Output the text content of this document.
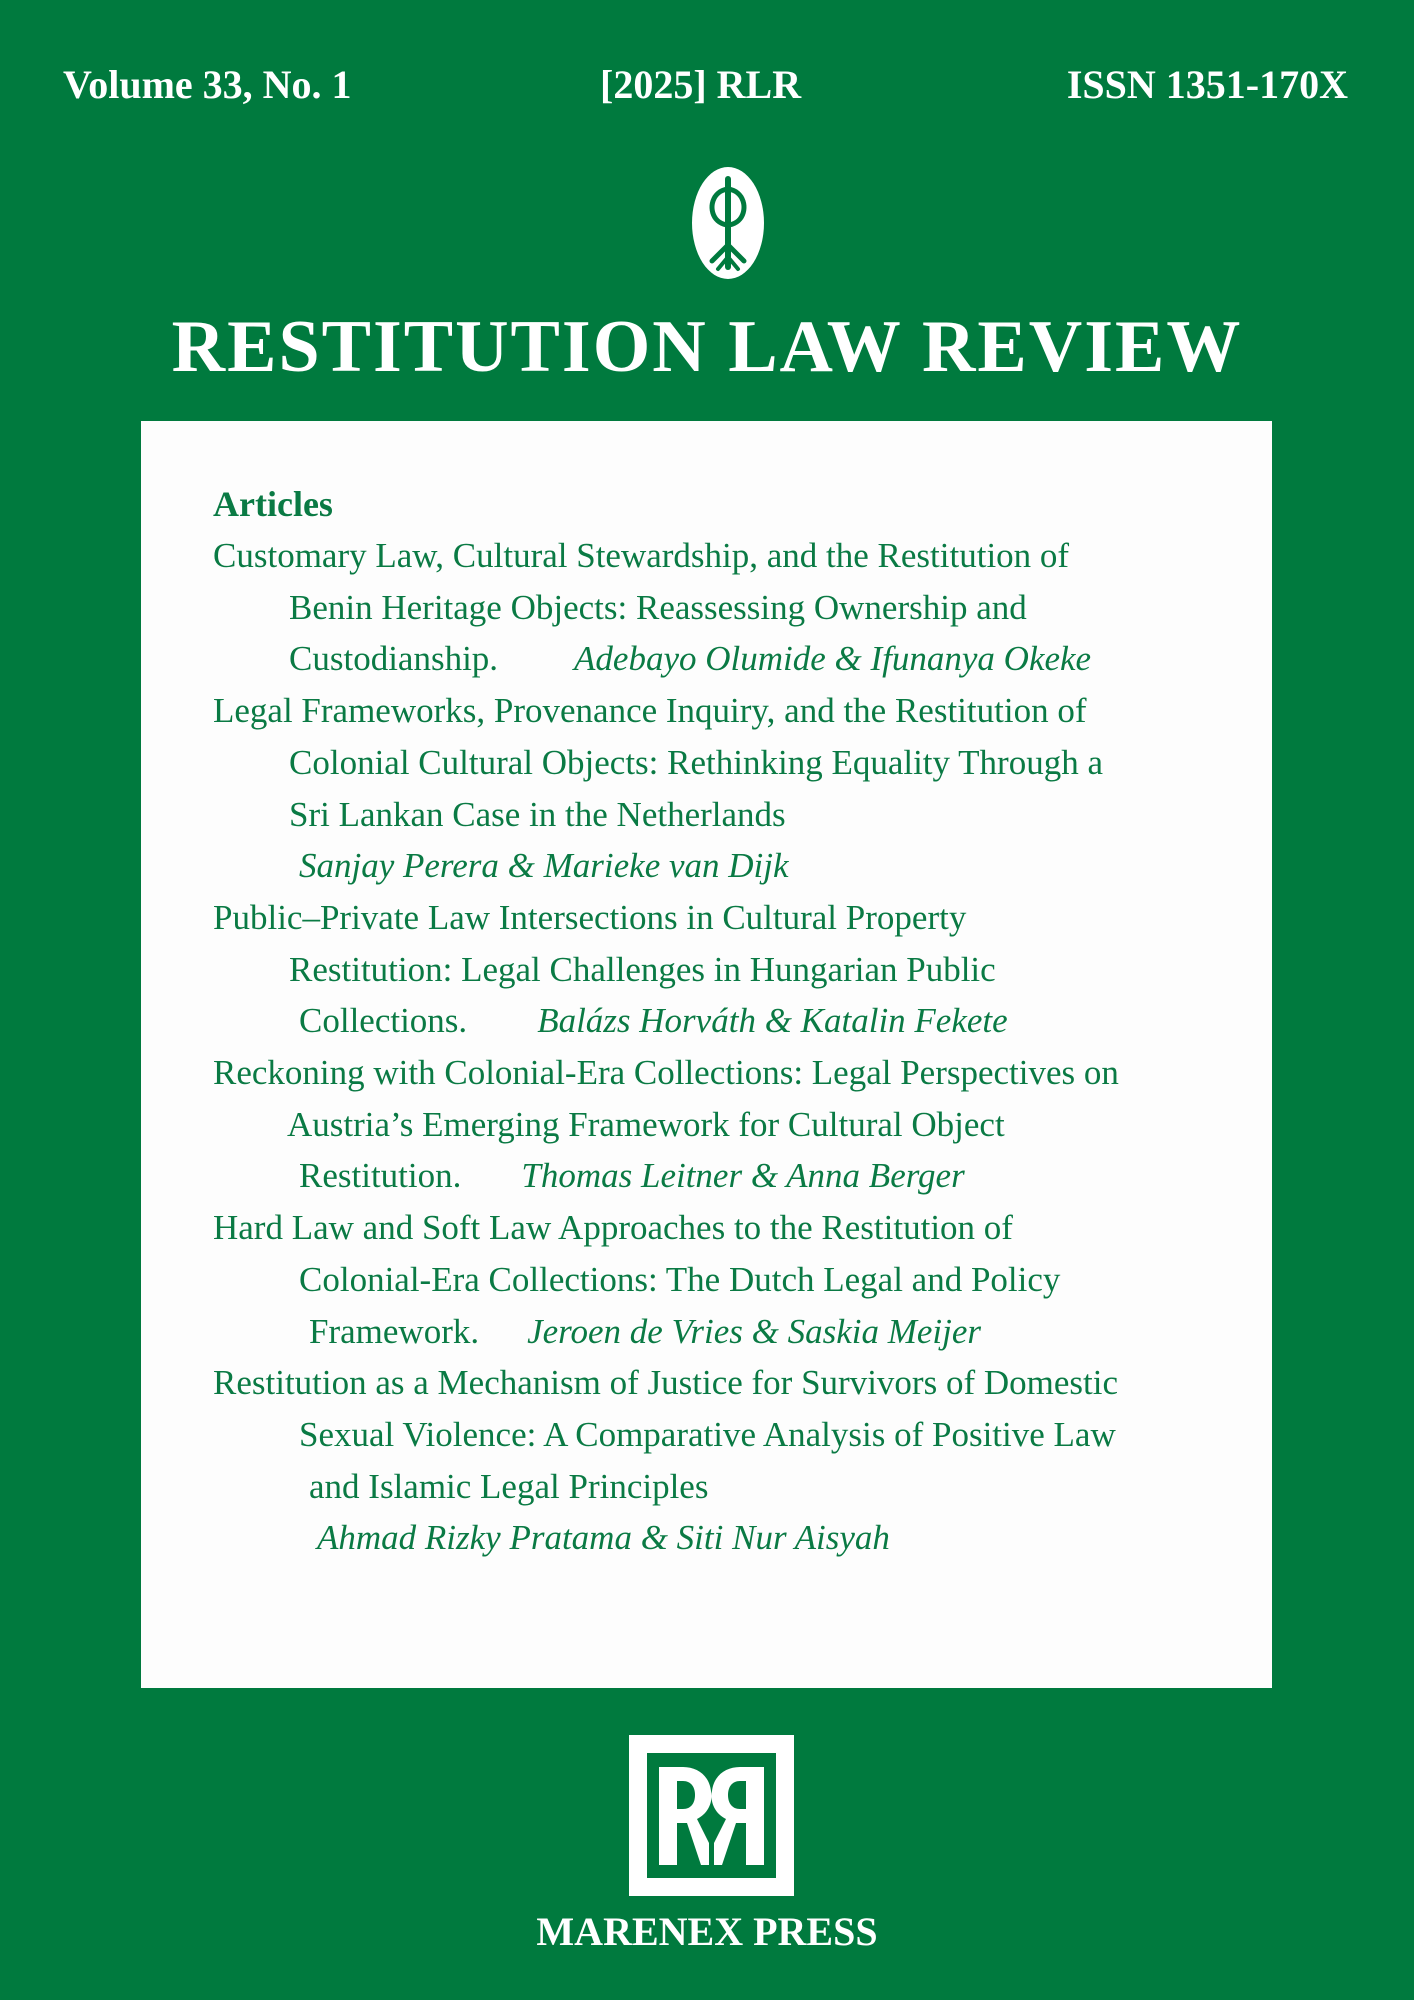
Volume 33, No. 1	[2025] RLR	ISSN 1351-170X
RESTITUTION LAW REVIEW
Articles
Customary Law, Cultural Stewardship, and the Restitution of
Benin Heritage Objects: Reassessing Ownership and
Custodianship. Adebayo Olumide & Ifunanya Okeke
Legal Frameworks, Provenance Inquiry, and the Restitution of
Colonial Cultural Objects: Rethinking Equality Through a
Sri Lankan Case in the Netherlands
Sanjay Perera & Marieke van Dijk
Public–Private Law Intersections in Cultural Property
Restitution: Legal Challenges in Hungarian Public
Collections. Balázs Horváth & Katalin Fekete
Reckoning with Colonial-Era Collections: Legal Perspectives on
Austria’s Emerging Framework for Cultural Object
Restitution. Thomas Leitner & Anna Berger
Hard Law and Soft Law Approaches to the Restitution of
Colonial-Era Collections: The Dutch Legal and Policy
Framework. Jeroen de Vries & Saskia Meijer
Restitution as a Mechanism of Justice for Survivors of Domestic
Sexual Violence: A Comparative Analysis of Positive Law
and Islamic Legal Principles
Ahmad Rizky Pratama & Siti Nur Aisyah
MARENEX PRESS
